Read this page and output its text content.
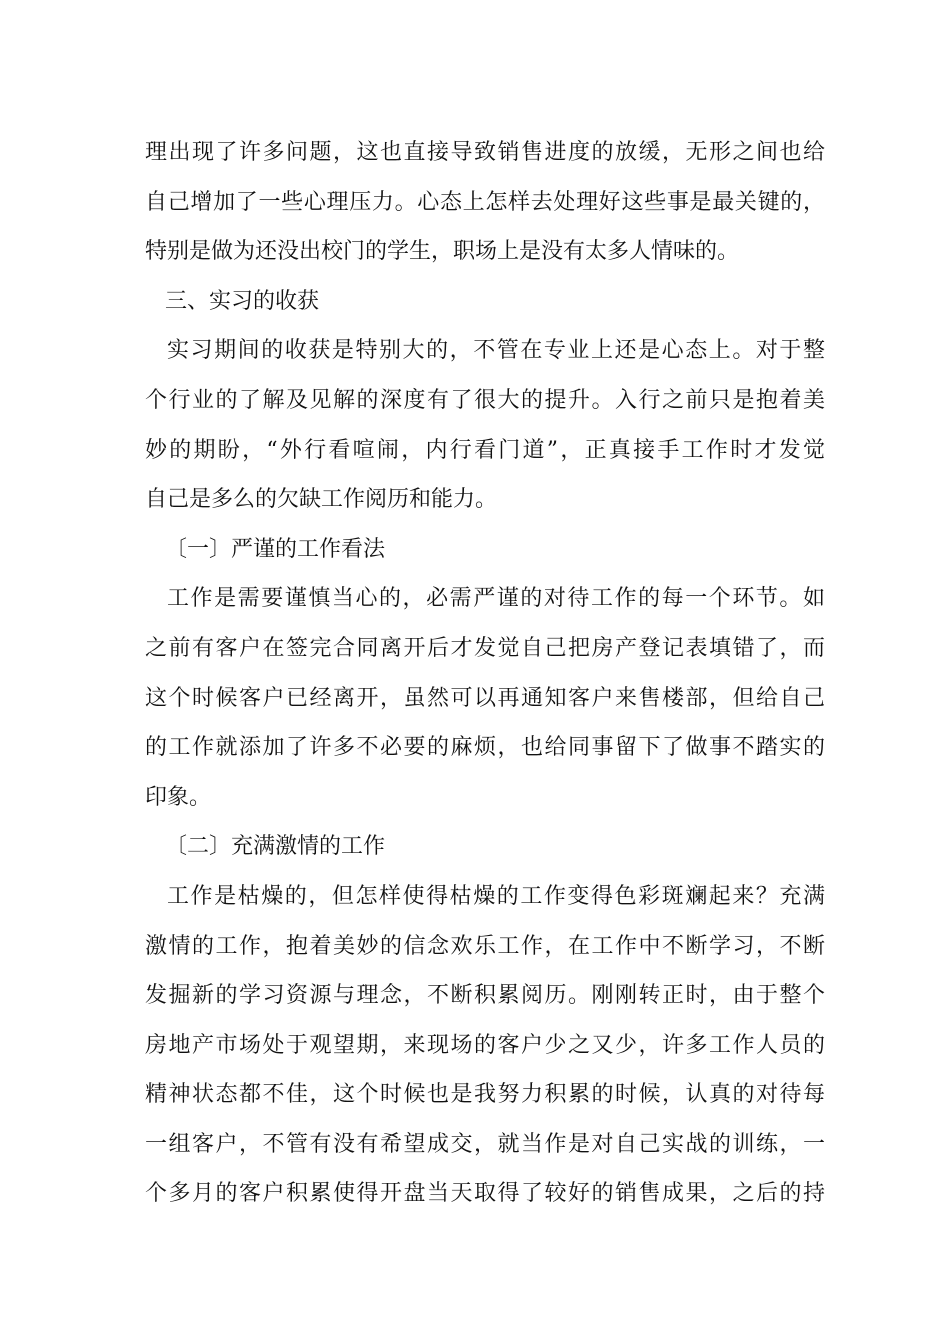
理出现了许多问题，这也直接导致销售进度的放缓，无形之间也给
自己增加了一些心理压力。心态上怎样去处理好这些事是最关键的，
特别是做为还没出校门的学生，职场上是没有太多人情味的。
三、实习的收获
实习期间的收获是特别大的，不管在专业上还是心态上。对于整
个行业的了解及见解的深度有了很大的提升。入行之前只是抱着美
妙的期盼，“外行看喧闹，内行看门道”，正真接手工作时才发觉
自己是多么的欠缺工作阅历和能力。
〔一〕严谨的工作看法
工作是需要谨慎当心的，必需严谨的对待工作的每一个环节。如
之前有客户在签完合同离开后才发觉自己把房产登记表填错了，而
这个时候客户已经离开，虽然可以再通知客户来售楼部，但给自己
的工作就添加了许多不必要的麻烦，也给同事留下了做事不踏实的
印象。
〔二〕充满激情的工作
工作是枯燥的，但怎样使得枯燥的工作变得色彩斑斓起来？充满
激情的工作，抱着美妙的信念欢乐工作，在工作中不断学习，不断
发掘新的学习资源与理念，不断积累阅历。刚刚转正时，由于整个
房地产市场处于观望期，来现场的客户少之又少，许多工作人员的
精神状态都不佳，这个时候也是我努力积累的时候，认真的对待每
一组客户，不管有没有希望成交，就当作是对自己实战的训练，一
个多月的客户积累使得开盘当天取得了较好的销售成果，之后的持
